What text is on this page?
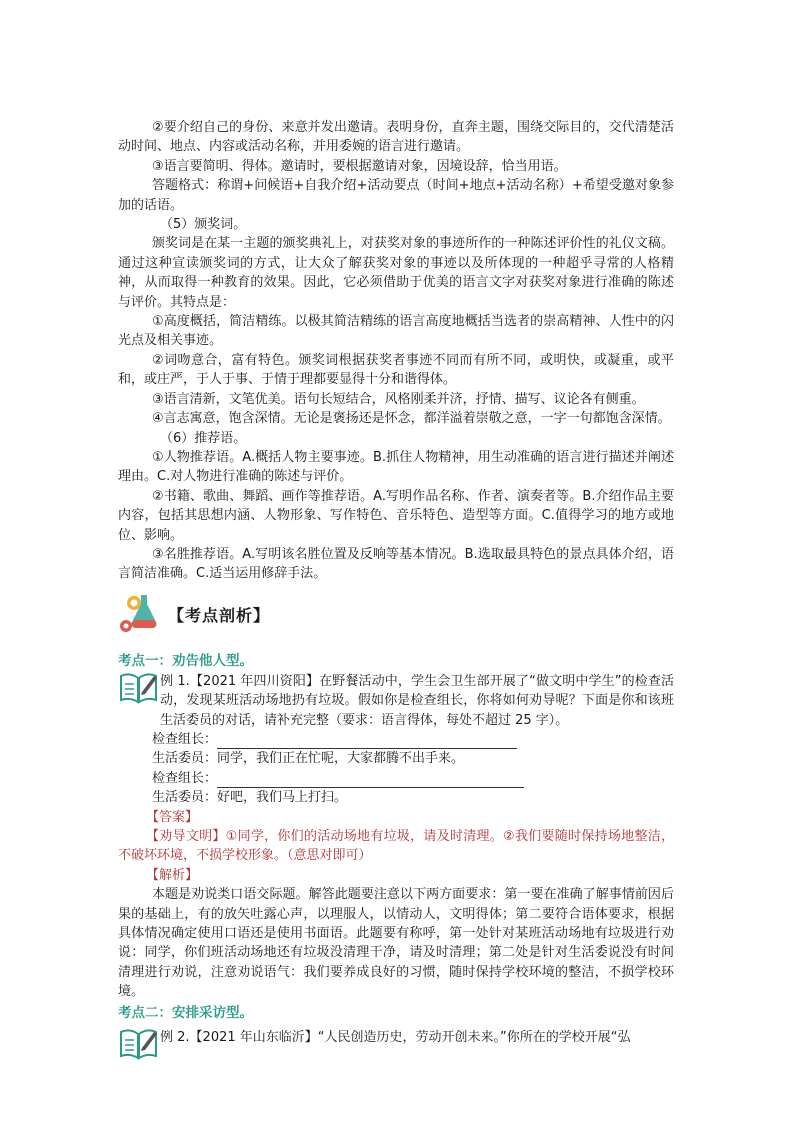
②要介绍自己的身份、来意并发出邀请。表明身份，直奔主题，围绕交际目的，交代清楚活动时间、地点、内容或活动名称，并用委婉的语言进行邀请。

③语言要简明、得体。邀请时，要根据邀请对象，因境设辞，恰当用语。

答题格式：称谓+问候语+自我介绍+活动要点（时间+地点+活动名称）+希望受邀对象参加的话语。

（5）颁奖词。

颁奖词是在某一主题的颁奖典礼上，对获奖对象的事迹所作的一种陈述评价性的礼仪文稿。通过这种宣读颁奖词的方式，让大众了解获奖对象的事迹以及所体现的一种超乎寻常的人格精神，从而取得一种教育的效果。因此，它必须借助于优美的语言文字对获奖对象进行准确的陈述与评价。其特点是：

①高度概括，简洁精练。以极其简洁精练的语言高度地概括当选者的崇高精神、人性中的闪光点及相关事迹。

②词吻意合，富有特色。颁奖词根据获奖者事迹不同而有所不同，或明快，或凝重，或平和，或庄严，于人于事、于情于理都要显得十分和谐得体。

③语言清新，文笔优美。语句长短结合，风格刚柔并济，抒情、描写、议论各有侧重。

④言志寓意，饱含深情。无论是褒扬还是怀念，都洋溢着崇敬之意，一字一句都饱含深情。

（6）推荐语。

①人物推荐语。A.概括人物主要事迹。B.抓住人物精神，用生动准确的语言进行描述并阐述理由。C.对人物进行准确的陈述与评价。

②书籍、歌曲、舞蹈、画作等推荐语。A.写明作品名称、作者、演奏者等。B.介绍作品主要内容，包括其思想内涵、人物形象、写作特色、音乐特色、造型等方面。C.值得学习的地方或地位、影响。

③名胜推荐语。A.写明该名胜位置及反响等基本情况。B.选取最具特色的景点具体介绍，语言简洁准确。C.适当运用修辞手法。

【考点剖析】

考点一：劝告他人型。

例 1.【2021 年四川资阳】在野餐活动中，学生会卫生部开展了“做文明中学生”的检查活动，发现某班活动场地扔有垃圾。假如你是检查组长，你将如何劝导呢？下面是你和该班生活委员的对话，请补充完整（要求：语言得体，每处不超过 25 字）。

检查组长：

生活委员：同学，我们正在忙呢，大家都腾不出手来。

检查组长：

生活委员：好吧，我们马上打扫。

【答案】

【劝导文明】①同学，你们的活动场地有垃圾，请及时清理。②我们要随时保持场地整洁，不破坏环境，不损学校形象。（意思对即可）

【解析】

本题是劝说类口语交际题。解答此题要注意以下两方面要求：第一要在准确了解事情前因后果的基础上，有的放矢吐露心声，以理服人，以情动人，文明得体；第二要符合语体要求，根据具体情况确定使用口语还是使用书面语。此题要有称呼，第一处针对某班活动场地有垃圾进行劝说：同学，你们班活动场地还有垃圾没清理干净，请及时清理；第二处是针对生活委说没有时间清理进行劝说，注意劝说语气：我们要养成良好的习惯，随时保持学校环境的整洁，不损学校环境。

考点二：安排采访型。

例 2.【2021 年山东临沂】“人民创造历史，劳动开创未来。”你所在的学校开展“弘
